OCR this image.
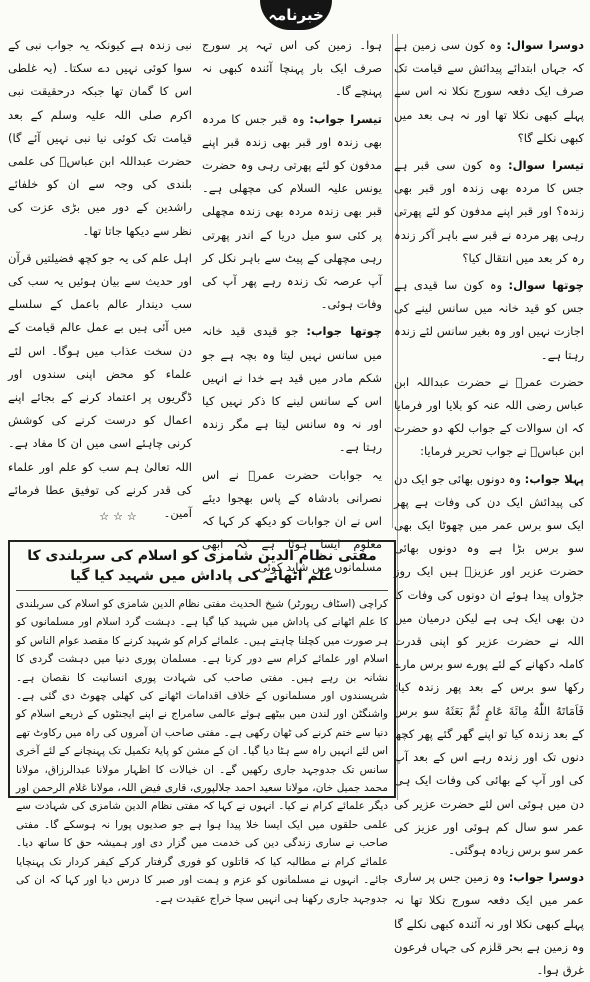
خبرنامہ

دوسرا سوال: وہ کون سی زمین ہے کہ جہاں ابتدائے پیدائش سے قیامت تک صرف ایک دفعہ سورج نکلا نہ اس سے پہلے کبھی نکلا تھا اور نہ ہی بعد میں کبھی نکلے گا؟

تیسرا سوال: وہ کون سی قبر ہے جس کا مردہ بھی زندہ اور قبر بھی زندہ؟ اور قبر اپنے مدفون کو لئے پھرتی رہی پھر مردہ نے قبر سے باہر آکر زندہ رہ کر بعد میں انتقال کیا؟

چوتھا سوال: وہ کون سا قیدی ہے جس کو قید خانہ میں سانس لینے کی اجازت نہیں اور وہ بغیر سانس لئے زندہ رہتا ہے۔

حضرت عمرؓ نے حضرت عبداللہ ابن عباس رضی اللہ عنہ کو بلایا اور فرمایا کہ ان سوالات کے جواب لکھ دو حضرت ابن عباسؓ نے جواب تحریر فرمایا:

پہلا جواب: وہ دونوں بھائی جو ایک دن کی پیدائش ایک دن کی وفات ہے پھر ایک سو برس عمر میں چھوٹا ایک بھی سو برس بڑا ہے وہ دونوں بھائی حضرت عزیر اور عزیزؑ ہیں ایک روز جڑواں پیدا ہوئے ان دونوں کی وفات کا دن بھی ایک ہی ہے لیکن درمیان میں اللہ نے حضرت عزیر کو اپنی قدرت کاملہ دکھانے کے لئے پورے سو برس مارے رکھا سو برس کے بعد پھر زندہ کیا: فَاَمَاتَهُ اللّٰهُ مِائَةَ عَامٍ ثُمَّ بَعَثَهُ سو برس کے بعد زندہ کیا تو اپنے گھر گئے پھر کچھ دنوں تک اور زندہ رہے اس کے بعد آپ کی اور آپ کے بھائی کی وفات ایک ہی دن میں ہوئی اس لئے حضرت عزیر کی عمر سو سال کم ہوئی اور عزیز کی عمر سو برس زیادہ ہوگئی۔

دوسرا جواب: وہ زمین جس پر ساری عمر میں ایک دفعہ سورج نکلا تھا نہ پہلے کبھی نکلا اور نہ آئندہ کبھی نکلے گا وہ زمین ہے بحر قلزم کی جہاں فرعون غرق ہوا۔

ہوا۔ زمین کی اس تہہ پر سورج صرف ایک بار پہنچا آئندہ کبھی نہ پہنچے گا۔

تیسرا جواب: وہ قبر جس کا مردہ بھی زندہ اور قبر بھی زندہ قبر اپنے مدفون کو لئے پھرتی رہی وہ حضرت یونس علیہ السلام کی مچھلی ہے۔ قبر بھی زندہ مردہ بھی زندہ مچھلی پر کئی سو میل دریا کے اندر پھرتی رہی مچھلی کے پیٹ سے باہر نکل کر آپ عرصہ تک زندہ رہے پھر آپ کی وفات ہوئی۔

چوتھا جواب: جو قیدی قید خانہ میں سانس نہیں لیتا وہ بچہ ہے جو شکم مادر میں قید ہے خدا نے انہیں اس کے سانس لینے کا ذکر نہیں کیا اور نہ وہ سانس لیتا ہے مگر زندہ رہتا ہے۔

یہ جوابات حضرت عمرؓ نے اس نصرانی بادشاہ کے پاس بھجوا دیئے اس نے ان جوابات کو دیکھ کر کہا کہ معلوم ایسا ہوتا ہے کہ ابھی مسلمانوں میں شاید کوئی

نبی زندہ ہے کیونکہ یہ جواب نبی کے سوا کوئی نہیں دے سکتا۔ (یہ غلطی اس کا گمان تھا جبکہ درحقیقت نبی اکرم صلی اللہ علیہ وسلم کے بعد قیامت تک کوئی نیا نبی نہیں آئے گا) حضرت عبداللہ ابن عباسؓ کی علمی بلندی کی وجہ سے ان کو خلفائے راشدین کے دور میں بڑی عزت کی نظر سے دیکھا جاتا تھا۔

اہل علم کی یہ جو کچھ فضیلتیں قرآن اور حدیث سے بیان ہوئیں یہ سب کی سب دیندار عالم باعمل کے سلسلے میں آئی ہیں بے عمل عالم قیامت کے دن سخت عذاب میں ہوگا۔ اس لئے علماء کو محض اپنی سندوں اور ڈگریوں پر اعتماد کرنے کے بجائے اپنے اعمال کو درست کرنے کی کوشش کرنی چاہئے اسی میں ان کا مفاد ہے۔ اللہ تعالیٰ ہم سب کو علم اور علماء کی قدر کرنے کی توفیق عطا فرمائے آمین۔

☆☆☆
مفتی نظام الدین شامزی کو اسلام کی سربلندی کا علم اٹھانے کی پاداش میں شہید کیا گیا
کراچی (اسٹاف رپورٹر) شیخ الحدیث مفتی نظام الدین شامزی کو اسلام کی سربلندی کا علم اٹھانے کی پاداش میں شہید کیا گیا ہے۔ دہشت گرد اسلام اور مسلمانوں کو ہر صورت میں کچلنا چاہتے ہیں۔ علمائے کرام کو شہید کرنے کا مقصد عوام الناس کو اسلام اور علمائے کرام سے دور کرنا ہے۔ مسلمان پوری دنیا میں دہشت گردی کا نشانہ بن رہے ہیں۔ مفتی صاحب کی شہادت پوری انسانیت کا نقصان ہے۔ شرپسندوں اور مسلمانوں کے خلاف اقدامات اٹھانے کی کھلی چھوٹ دی گئی ہے۔ واشنگٹن اور لندن میں بیٹھے ہوئے عالمی سامراج نے اپنے ایجنٹوں کے ذریعے اسلام کو دنیا سے ختم کرنے کی ٹھان رکھی ہے۔ مفتی صاحب ان آمروں کی راہ میں رکاوٹ تھے اس لئے انہیں راہ سے ہٹا دیا گیا۔ ان کے مشن کو پایۂ تکمیل تک پہنچانے کے لئے آخری سانس تک جدوجہد جاری رکھیں گے۔ ان خیالات کا اظہار مولانا عبدالرزاق، مولانا محمد جمیل خان، مولانا سعید احمد جلالپوری، قاری فیض اللہ، مولانا غلام الرحمن اور دیگر علمائے کرام نے کیا۔ انہوں نے کہا کہ مفتی نظام الدین شامزی کی شہادت سے علمی حلقوں میں ایک ایسا خلا پیدا ہوا ہے جو صدیوں پورا نہ ہوسکے گا۔ مفتی صاحب نے ساری زندگی دین کی خدمت میں گزار دی اور ہمیشہ حق کا ساتھ دیا۔ علمائے کرام نے مطالبہ کیا کہ قاتلوں کو فوری گرفتار کرکے کیفر کردار تک پہنچایا جائے۔ انہوں نے مسلمانوں کو عزم و ہمت اور صبر کا درس دیا اور کہا کہ ان کی جدوجہد جاری رکھنا ہی انہیں سچا خراج عقیدت ہے۔
